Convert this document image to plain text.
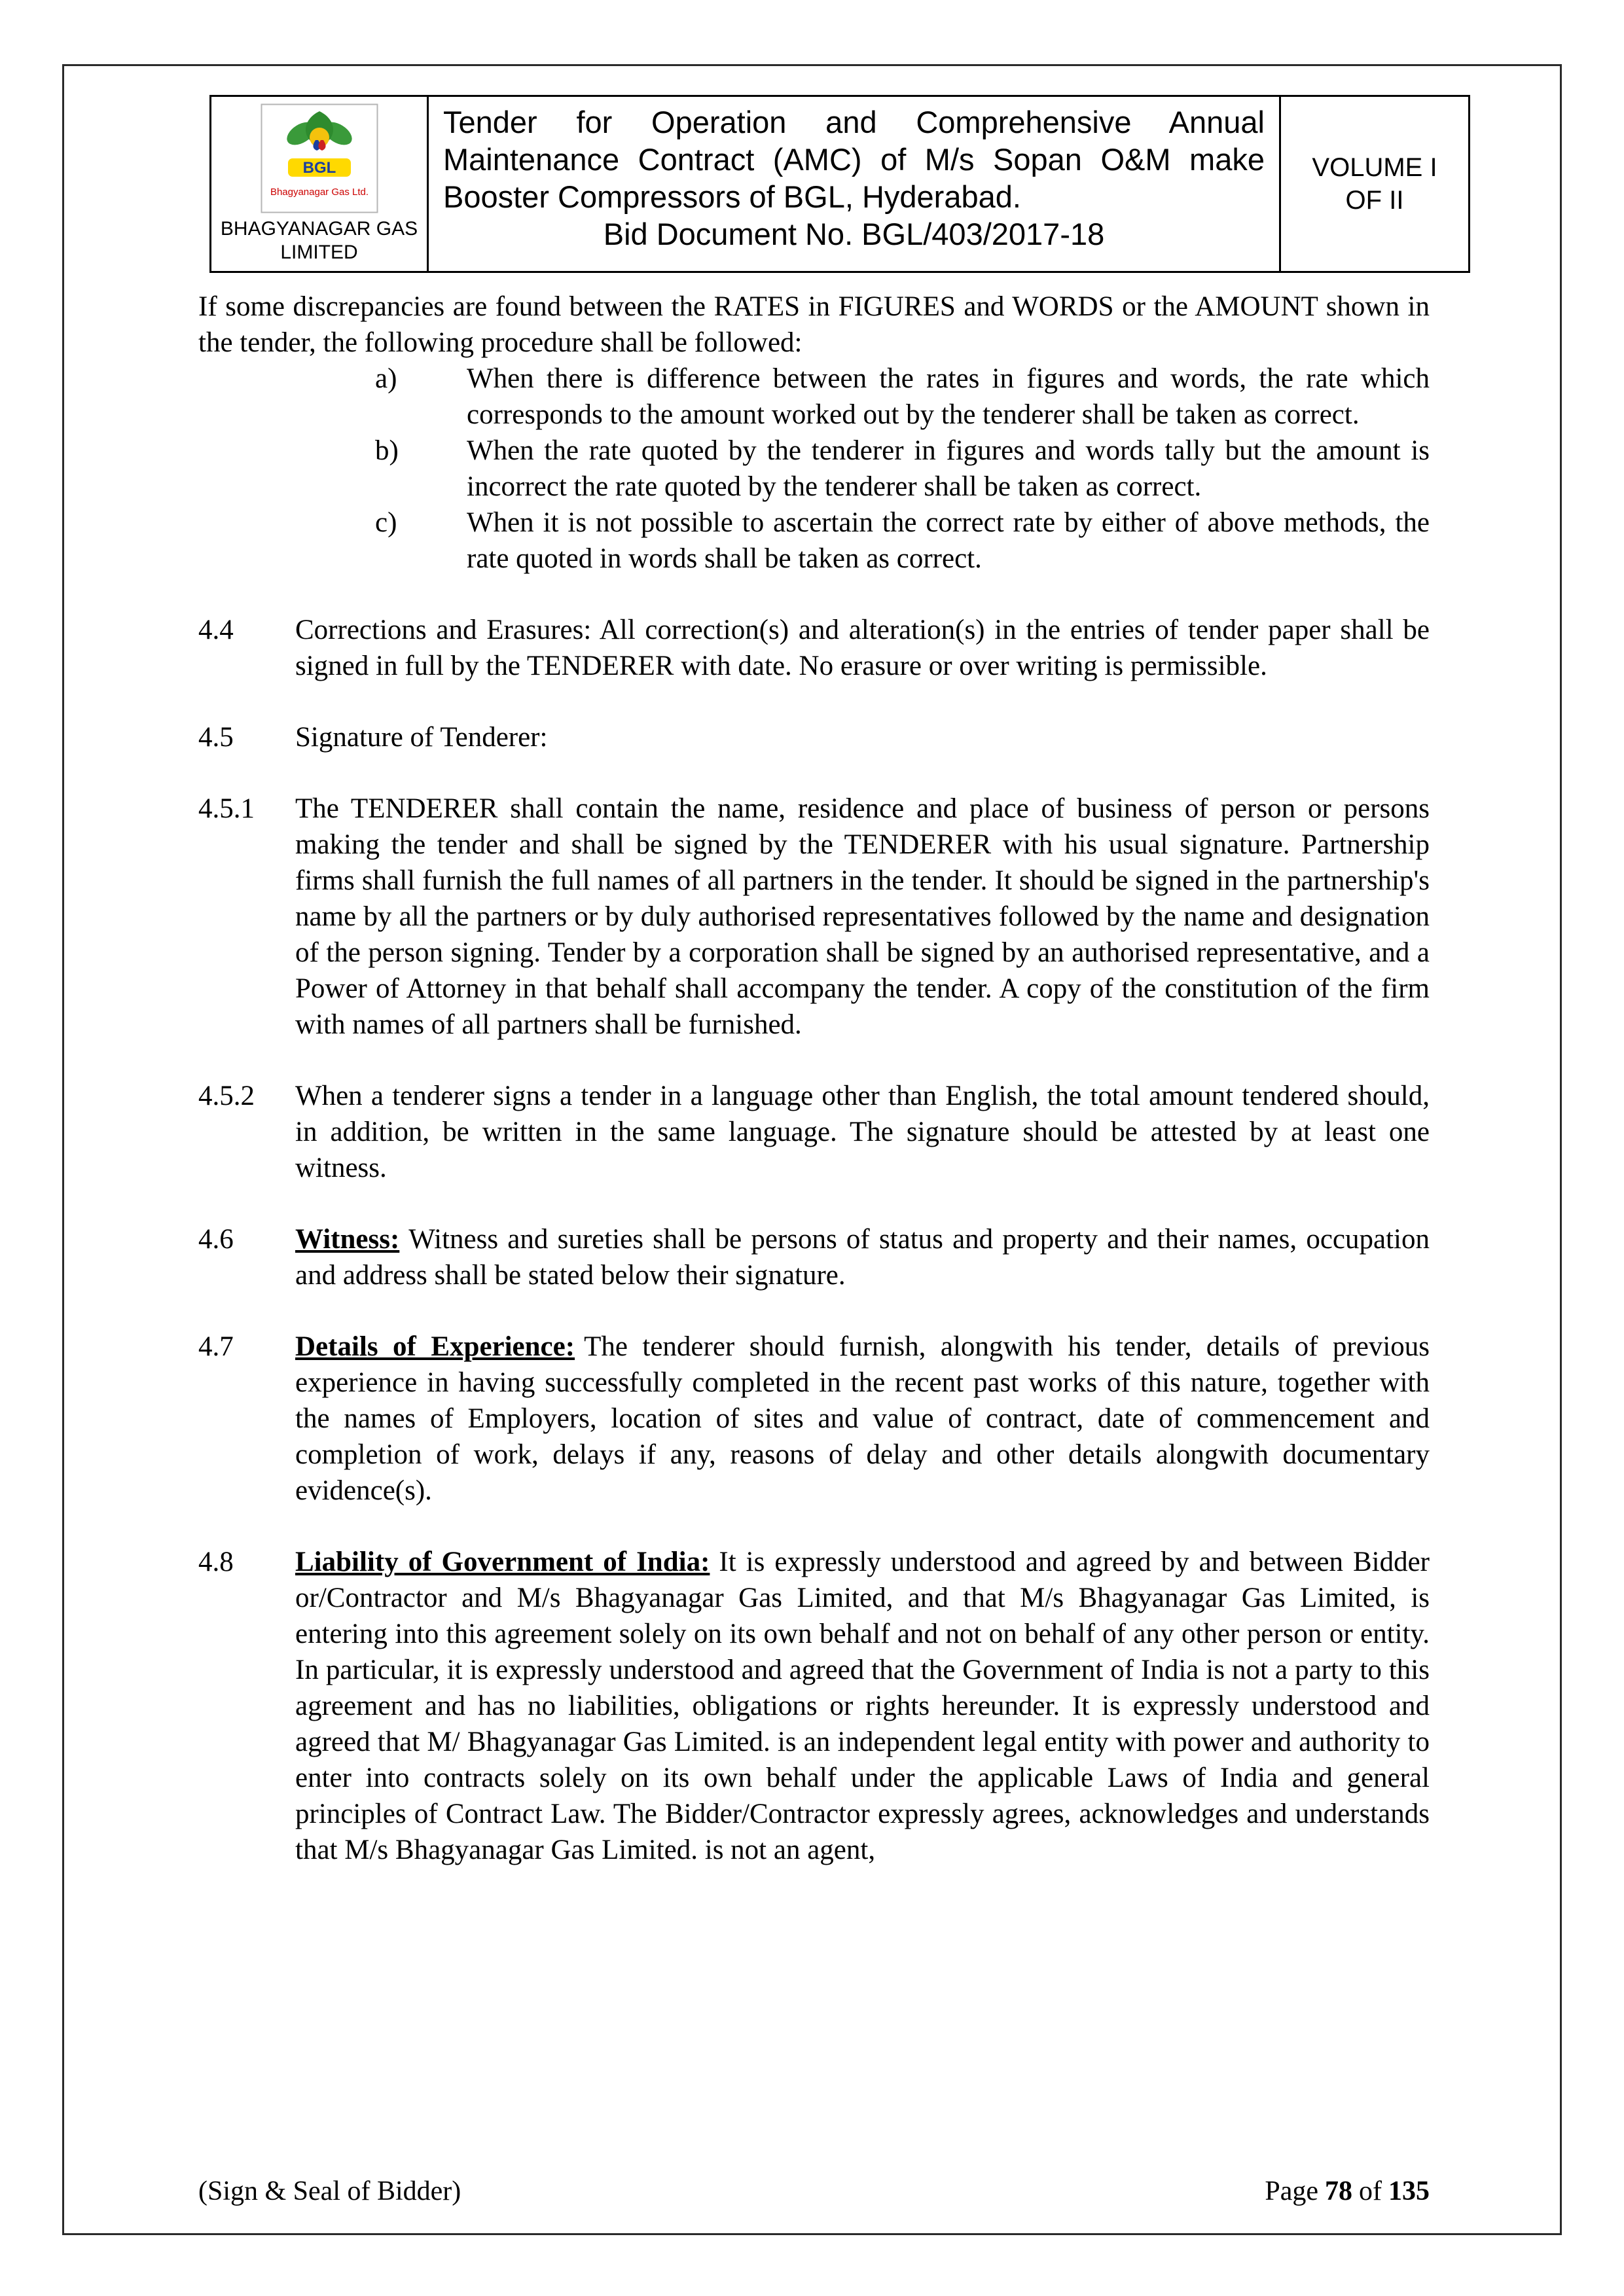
BGL
Bhagyanagar Gas Ltd.
BHAGYANAGAR GAS LIMITED
Tender for Operation and Comprehensive Annual Maintenance Contract (AMC) of M/s Sopan O&M make Booster Compressors of BGL, Hyderabad.
Bid Document No. BGL/403/2017-18
VOLUME I
OF II

If some discrepancies are found between the RATES in FIGURES and WORDS or the AMOUNT shown in the tender, the following procedure shall be followed:

a)	When there is difference between the rates in figures and words, the rate which corresponds to the amount worked out by the tenderer shall be taken as correct.

b)	When the rate quoted by the tenderer in figures and words tally but the amount is incorrect the rate quoted by the tenderer shall be taken as correct.

c)	When it is not possible to ascertain the correct rate by either of above methods, the rate quoted in words shall be taken as correct.

4.4	Corrections and Erasures: All correction(s) and alteration(s) in the entries of tender paper shall be signed in full by the TENDERER with date. No erasure or over writing is permissible.

4.5	Signature of Tenderer:

4.5.1	The TENDERER shall contain the name, residence and place of business of person or persons making the tender and shall be signed by the TENDERER with his usual signature. Partnership firms shall furnish the full names of all partners in the tender. It should be signed in the partnership's name by all the partners or by duly authorised representatives followed by the name and designation of the person signing. Tender by a corporation shall be signed by an authorised representative, and a Power of Attorney in that behalf shall accompany the tender. A copy of the constitution of the firm with names of all partners shall be furnished.

4.5.2	When a tenderer signs a tender in a language other than English, the total amount tendered should, in addition, be written in the same language. The signature should be attested by at least one witness.

4.6	Witness: Witness and sureties shall be persons of status and property and their names, occupation and address shall be stated below their signature.

4.7	Details of Experience: The tenderer should furnish, alongwith his tender, details of previous experience in having successfully completed in the recent past works of this nature, together with the names of Employers, location of sites and value of contract, date of commencement and completion of work, delays if any, reasons of delay and other details alongwith documentary evidence(s).

4.8	Liability of Government of India: It is expressly understood and agreed by and between Bidder or/Contractor and M/s Bhagyanagar Gas Limited, and that M/s Bhagyanagar Gas Limited, is entering into this agreement solely on its own behalf and not on behalf of any other person or entity. In particular, it is expressly understood and agreed that the Government of India is not a party to this agreement and has no liabilities, obligations or rights hereunder. It is expressly understood and agreed that M/ Bhagyanagar Gas Limited. is an independent legal entity with power and authority to enter into contracts solely on its own behalf under the applicable Laws of India and general principles of Contract Law. The Bidder/Contractor expressly agrees, acknowledges and understands that M/s Bhagyanagar Gas Limited. is not an agent,

(Sign & Seal of Bidder)	Page 78 of 135
